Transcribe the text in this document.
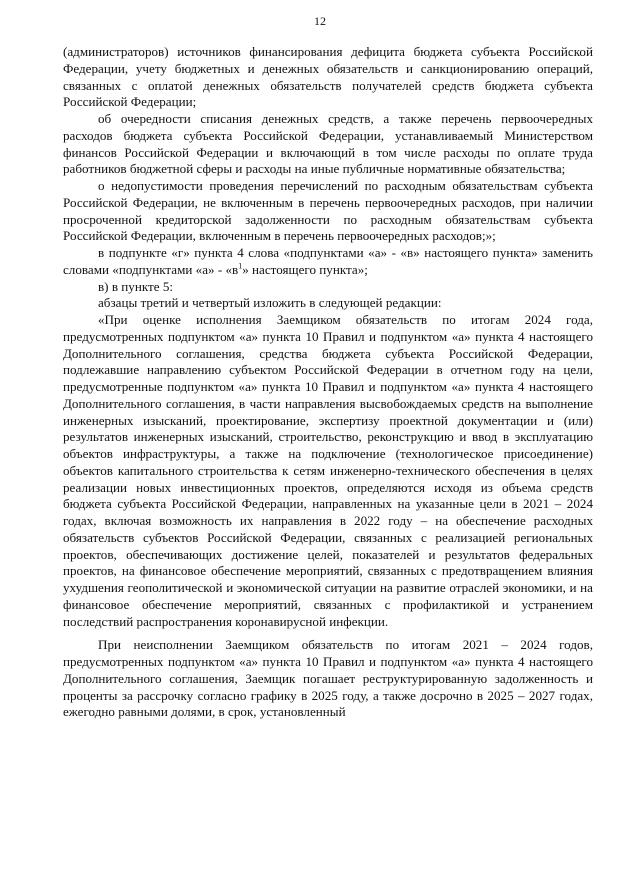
12

(администраторов) источников финансирования дефицита бюджета субъекта Российской Федерации, учету бюджетных и денежных обязательств и санкционированию операций, связанных с оплатой денежных обязательств получателей средств бюджета субъекта Российской Федерации;

об очередности списания денежных средств, а также перечень первоочередных расходов бюджета субъекта Российской Федерации, устанавливаемый Министерством финансов Российской Федерации и включающий в том числе расходы по оплате труда работников бюджетной сферы и расходы на иные публичные нормативные обязательства;

о недопустимости проведения перечислений по расходным обязательствам субъекта Российской Федерации, не включенным в перечень первоочередных расходов, при наличии просроченной кредиторской задолженности по расходным обязательствам субъекта Российской Федерации, включенным в перечень первоочередных расходов;»;

в подпункте «г» пункта 4 слова «подпунктами «а» - «в» настоящего пункта» заменить словами «подпунктами «а» - «$в^1$» настоящего пункта»;

в) в пункте 5:

абзацы третий и четвертый изложить в следующей редакции:

«При оценке исполнения Заемщиком обязательств по итогам 2024 года, предусмотренных подпунктом «а» пункта 10 Правил и подпунктом «а» пункта 4 настоящего Дополнительного соглашения, средства бюджета субъекта Российской Федерации, подлежавшие направлению субъектом Российской Федерации в отчетном году на цели, предусмотренные подпунктом «а» пункта 10 Правил и подпунктом «а» пункта 4 настоящего Дополнительного соглашения, в части направления высвобождаемых средств на выполнение инженерных изысканий, проектирование, экспертизу проектной документации и (или) результатов инженерных изысканий, строительство, реконструкцию и ввод в эксплуатацию объектов инфраструктуры, а также на подключение (технологическое присоединение) объектов капитального строительства к сетям инженерно-технического обеспечения в целях реализации новых инвестиционных проектов, определяются исходя из объема средств бюджета субъекта Российской Федерации, направленных на указанные цели в 2021 – 2024 годах, включая возможность их направления в 2022 году – на обеспечение расходных обязательств субъектов Российской Федерации, связанных с реализацией региональных проектов, обеспечивающих достижение целей, показателей и результатов федеральных проектов, на финансовое обеспечение мероприятий, связанных с предотвращением влияния ухудшения геополитической и экономической ситуации на развитие отраслей экономики, и на финансовое обеспечение мероприятий, связанных с профилактикой и устранением последствий распространения коронавирусной инфекции.

При неисполнении Заемщиком обязательств по итогам 2021 – 2024 годов, предусмотренных подпунктом «а» пункта 10 Правил и подпунктом «а» пункта 4 настоящего Дополнительного соглашения, Заемщик погашает реструктурированную задолженность и проценты за рассрочку согласно графику в 2025 году, а также досрочно в 2025 – 2027 годах, ежегодно равными долями, в срок, установленный
